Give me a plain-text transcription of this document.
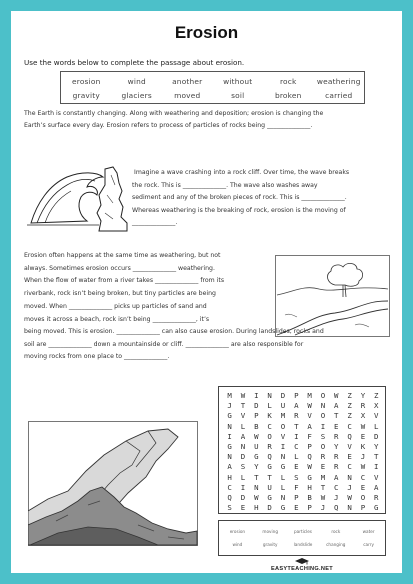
Erosion
Use the words below to complete the passage about erosion.
erosion	wind	another	without	rock	weathering
gravity	glaciers	moved	soil	broken	carried
The Earth is constantly changing. Along with weathering and deposition; erosion is changing the
Earth’s surface every day. Erosion refers to process of particles of rocks being ______________.
Imagine a wave crashing into a rock cliff. Over time, the wave breaks
the rock. This is ______________. The wave also washes away
sediment and any of the broken pieces of rock. This is ______________.
Whereas weathering is the breaking of rock, erosion is the moving of
______________.
Erosion often happens at the same time as weathering, but not
always. Sometimes erosion occurs ______________ weathering.
When the flow of water from a river takes ______________ from its
riverbank, rock isn’t being broken, but tiny particles are being
moved. When ______________ picks up particles of sand and
moves it across a beach, rock isn’t being ______________, it’s
being moved. This is erosion. ______________ can also cause erosion. During landslides, rocks and
soil are ______________ down a mountainside or cliff. ______________ are also responsible for
moving rocks from one place to ______________.
M	W	I	N	D	P	M	O	W	Z	Y	Z
J	T	D	L	U	A	W	N	A	Z	R	X
G	V	P	K	M	R	V	O	T	Z	X	V
N	L	B	C	O	T	A	I	E	C	W	L
I	A	W	O	V	I	F	S	R	Q	E	D
G	N	U	R	I	C	P	O	Y	V	K	Y
N	D	G	Q	N	L	Q	R	R	E	J	T
A	S	Y	G	G	E	W	E	R	C	W	I
H	L	T	T	L	S	G	M	A	N	C	V
C	I	N	U	L	F	H	T	C	J	E	A
Q	D	W	G	N	P	B	W	J	W	O	R
S	E	H	D	G	E	P	J	Q	N	P	G
erosion	moving	particles	rock	water
wind	gravity	landslide	changing	carry
EASYTEACHING.NET
